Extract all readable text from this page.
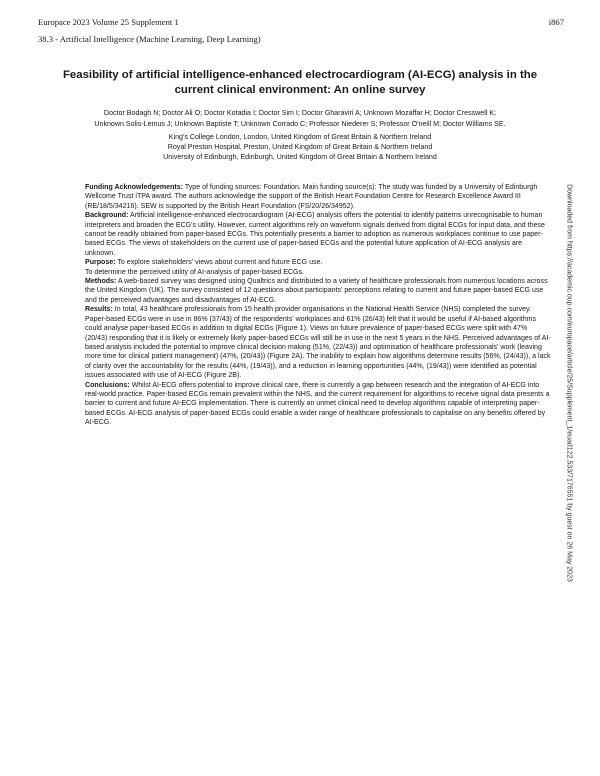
Europace 2023 Volume 25 Supplement 1	i867
38.3 - Artificial Intelligence (Machine Learning, Deep Learning)
Feasibility of artificial intelligence-enhanced electrocardiogram (AI-ECG) analysis in the current clinical environment: An online survey
Doctor Bodagh N; Doctor Ali O; Doctor Kotadia I; Doctor Sim I; Doctor Gharaviri A; Unknown Mozaffar H; Doctor Cresswell K;
Unknown Solis-Lemus J; Unknown Baptiste T; Unknown Corrado C; Professor Niederer S; Professor O'neill M; Doctor Williams SE.
King's College London, London, United Kingdom of Great Britain & Northern Ireland
Royal Preston Hospital, Preston, United Kingdom of Great Britain & Northern Ireland
University of Edinburgh, Edinburgh, United Kingdom of Great Britain & Northern Ireland

Funding Acknowledgements: Type of funding sources: Foundation. Main funding source(s): The study was funded by a University of Edinburgh Wellcome Trust iTPA award. The authors acknowledge the support of the British Heart Foundation Centre for Research Excellence Award III (RE/18/5/34216). SEW is supported by the British Heart Foundation (FS/20/26/34952).

Background: Artificial intelligence-enhanced electrocardiogram (AI-ECG) analysis offers the potential to identify patterns unrecognisable to human interpreters and broaden the ECG's utility. However, current algorithms rely on waveform signals derived from digital ECGs for input data, and these cannot be readily obtained from paper-based ECGs. This potentially presents a barrier to adoption as numerous workplaces continue to use paper-based ECGs. The views of stakeholders on the current use of paper-based ECGs and the potential future application of AI-ECG analysis are unknown.

Purpose: To explore stakeholders' views about current and future ECG use.

To determine the perceived utility of AI-analysis of paper-based ECGs.

Methods: A web-based survey was designed using Qualtrics and distributed to a variety of healthcare professionals from numerous locations across the United Kingdom (UK). The survey consisted of 12 questions about participants' perceptions relating to current and future paper-based ECG use and the perceived advantages and disadvantages of AI-ECG.

Results: In total, 43 healthcare professionals from 15 health provider organisations in the National Health Service (NHS) completed the survey. Paper-based ECGs were in use in 86% (37/43) of the respondents' workplaces and 61% (26/43) felt that it would be useful if AI-based algorithms could analyse paper-based ECGs in addition to digital ECGs (Figure 1). Views on future prevalence of paper-based ECGs were split with 47% (20/43) responding that it is likely or extremely likely paper-based ECGs will still be in use in the next 5 years in the NHS. Perceived advantages of AI-based analysis included the potential to improve clinical decision making (51%, (22/43)) and optimisation of healthcare professionals' work (leaving more time for clinical patient management) (47%, (20/43)) (Figure 2A). The inability to explain how algorithms determine results (56%, (24/43)), a lack of clarity over the accountability for the results (44%, (19/43)), and a reduction in learning opportunities (44%, (19/43)) were identified as potential issues associated with use of AI-ECG (Figure 2B).

Conclusions: Whilst AI-ECG offers potential to improve clinical care, there is currently a gap between research and the integration of AI-ECG into real-world practice. Paper-based ECGs remain prevalent within the NHS, and the current requirement for algorithms to receive signal data presents a barrier to current and future AI-ECG implementation. There is currently an unmet clinical need to develop algorithms capable of interpreting paper-based ECGs. AI-ECG analysis of paper-based ECGs could enable a wider range of healthcare professionals to capitalise on any benefits offered by AI-ECG.	Downloaded from https://academic.oup.com/europace/article/25/Supplement_1/euad122.533/7176551 by guest on 26 May 2023
